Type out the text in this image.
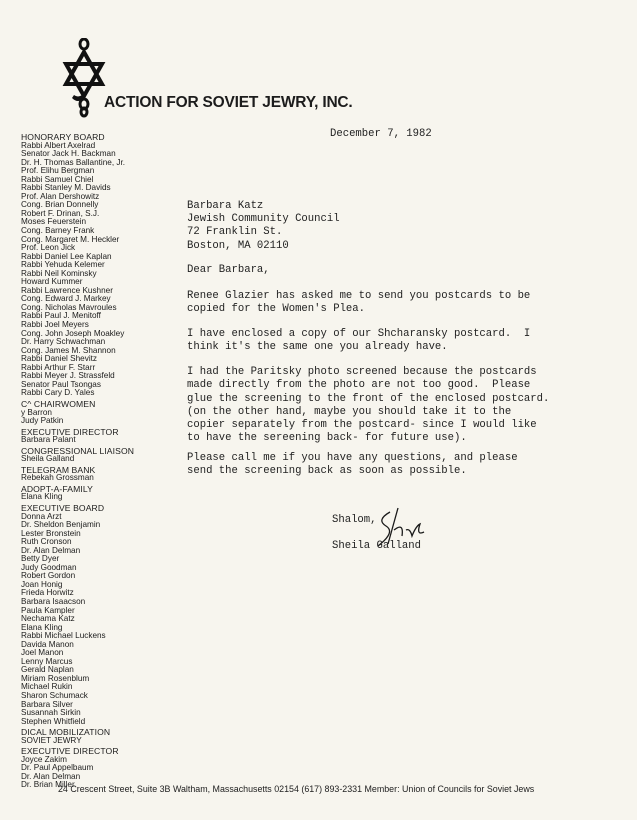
ACTION FOR SOVIET JEWRY, INC.
HONORARY BOARD
Rabbi Albert Axelrad
Senator Jack H. Backman
Dr. H. Thomas Ballantine, Jr.
Prof. Elihu Bergman
Rabbi Samuel Chiel
Rabbi Stanley M. Davids
Prof. Alan Dershowitz
Cong. Brian Donnelly
Robert F. Drinan, S.J.
Moses Feuerstein
Cong. Barney Frank
Cong. Margaret M. Heckler
Prof. Leon Jick
Rabbi Daniel Lee Kaplan
Rabbi Yehuda Kelemer
Rabbi Neil Kominsky
Howard Kummer
Rabbi Lawrence Kushner
Cong. Edward J. Markey
Cong. Nicholas Mavroules
Rabbi Paul J. Menitoff
Rabbi Joel Meyers
Cong. John Joseph Moakley
Dr. Harry Schwachman
Cong. James M. Shannon
Rabbi Daniel Shevitz
Rabbi Arthur F. Starr
Rabbi Meyer J. Strassfeld
Senator Paul Tsongas
Rabbi Cary D. Yales
C^ CHAIRWOMEN
y Barron
Judy Patkin
EXECUTIVE DIRECTOR
Barbara Palant
CONGRESSIONAL LIAISON
Sheila Galland
TELEGRAM BANK
Rebekah Grossman
ADOPT-A-FAMILY
Elana Kling
EXECUTIVE BOARD
Donna Arzt
Dr. Sheldon Benjamin
Lester Bronstein
Ruth Cronson
Dr. Alan Delman
Betty Dyer
Judy Goodman
Robert Gordon
Joan Honig
Frieda Horwitz
Barbara Isaacson
Paula Kampler
Nechama Katz
Elana Kling
Rabbi Michael Luckens
Davida Manon
Joel Manon
Lenny Marcus
Gerald Naplan
Miriam Rosenblum
Michael Rukin
Sharon Schumack
Barbara Silver
Susannah Sirkin
Stephen Whitfield
DICAL MOBILIZATION
SOVIET JEWRY
EXECUTIVE DIRECTOR
Joyce Zakim
Dr. Paul Appelbaum
Dr. Alan Delman
Dr. Brian Miller
December 7, 1982
Barbara Katz
Jewish Community Council
72 Franklin St.
Boston, MA 02110
Dear Barbara,
Renee Glazier has asked me to send you postcards to be
copied for the Women's Plea.
I have enclosed a copy of our Shcharansky postcard.  I
think it's the same one you already have.
I had the Paritsky photo screened because the postcards
made directly from the photo are not too good.  Please
glue the screening to the front of the enclosed postcard.
(on the other hand, maybe you should take it to the
copier separately from the postcard- since I would like
to have the sereening back- for future use).
Please call me if you have any questions, and please
send the screening back as soon as possible.
Shalom,
Sheila Galland
24 Crescent Street, Suite 3B Waltham, Massachusetts 02154 (617) 893-2331 Member: Union of Councils for Soviet Jews
